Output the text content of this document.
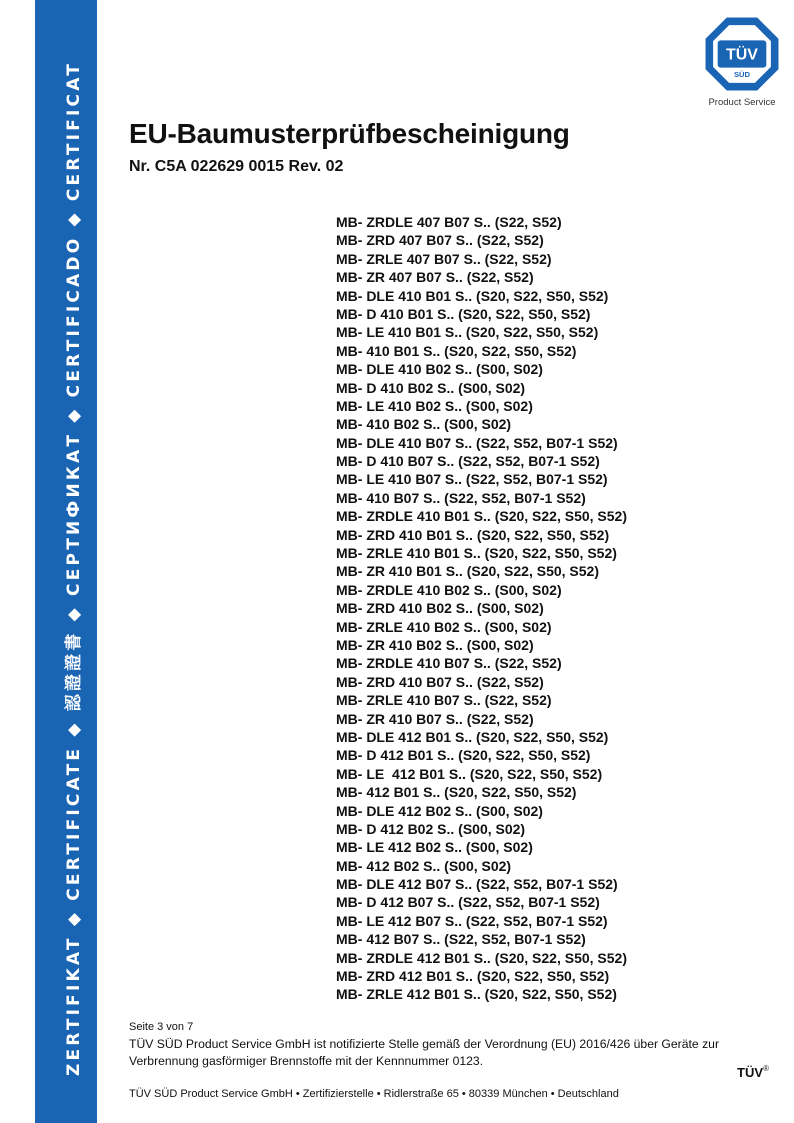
ZERTIFIKAT ◆ CERTIFICATE ◆ 認證證書 ◆ СЕРТИФИКАТ ◆ CERTIFICADO ◆ CERTIFICAT
TÜV
SÜD
Product Service
EU-Baumusterprüfbescheinigung
Nr. C5A 022629 0015 Rev. 02
MB- ZRDLE 407 B07 S.. (S22, S52)
MB- ZRD 407 B07 S.. (S22, S52)
MB- ZRLE 407 B07 S.. (S22, S52)
MB- ZR 407 B07 S.. (S22, S52)
MB- DLE 410 B01 S.. (S20, S22, S50, S52)
MB- D 410 B01 S.. (S20, S22, S50, S52)
MB- LE 410 B01 S.. (S20, S22, S50, S52)
MB- 410 B01 S.. (S20, S22, S50, S52)
MB- DLE 410 B02 S.. (S00, S02)
MB- D 410 B02 S.. (S00, S02)
MB- LE 410 B02 S.. (S00, S02)
MB- 410 B02 S.. (S00, S02)
MB- DLE 410 B07 S.. (S22, S52, B07-1 S52)
MB- D 410 B07 S.. (S22, S52, B07-1 S52)
MB- LE 410 B07 S.. (S22, S52, B07-1 S52)
MB- 410 B07 S.. (S22, S52, B07-1 S52)
MB- ZRDLE 410 B01 S.. (S20, S22, S50, S52)
MB- ZRD 410 B01 S.. (S20, S22, S50, S52)
MB- ZRLE 410 B01 S.. (S20, S22, S50, S52)
MB- ZR 410 B01 S.. (S20, S22, S50, S52)
MB- ZRDLE 410 B02 S.. (S00, S02)
MB- ZRD 410 B02 S.. (S00, S02)
MB- ZRLE 410 B02 S.. (S00, S02)
MB- ZR 410 B02 S.. (S00, S02)
MB- ZRDLE 410 B07 S.. (S22, S52)
MB- ZRD 410 B07 S.. (S22, S52)
MB- ZRLE 410 B07 S.. (S22, S52)
MB- ZR 410 B07 S.. (S22, S52)
MB- DLE 412 B01 S.. (S20, S22, S50, S52)
MB- D 412 B01 S.. (S20, S22, S50, S52)
MB- LE  412 B01 S.. (S20, S22, S50, S52)
MB- 412 B01 S.. (S20, S22, S50, S52)
MB- DLE 412 B02 S.. (S00, S02)
MB- D 412 B02 S.. (S00, S02)
MB- LE 412 B02 S.. (S00, S02)
MB- 412 B02 S.. (S00, S02)
MB- DLE 412 B07 S.. (S22, S52, B07-1 S52)
MB- D 412 B07 S.. (S22, S52, B07-1 S52)
MB- LE 412 B07 S.. (S22, S52, B07-1 S52)
MB- 412 B07 S.. (S22, S52, B07-1 S52)
MB- ZRDLE 412 B01 S.. (S20, S22, S50, S52)
MB- ZRD 412 B01 S.. (S20, S22, S50, S52)
MB- ZRLE 412 B01 S.. (S20, S22, S50, S52)
Seite 3 von 7
TÜV SÜD Product Service GmbH ist notifizierte Stelle gemäß der Verordnung (EU) 2016/426 über Geräte zur Verbrennung gasförmiger Brennstoffe mit der Kennnummer 0123.
TÜV®
TÜV SÜD Product Service GmbH • Zertifizierstelle • Ridlerstraße 65 • 80339 München • Deutschland
